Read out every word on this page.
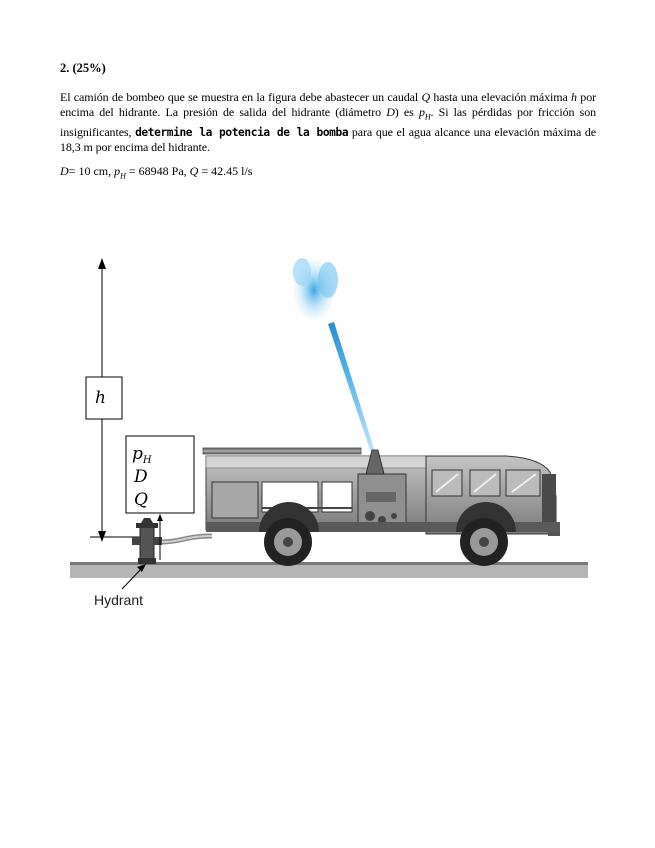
2. (25%)
El camión de bombeo que se muestra en la figura debe abastecer un caudal Q hasta una elevación máxima h por encima del hidrante. La presión de salida del hidrante (diámetro D) es $p_H$. Si las pérdidas por fricción son insignificantes, determine la potencia de la bomba para que el agua alcance una elevación máxima de 18,3 m por encima del hidrante.
D= 10 cm, $p_H = 68948$ Pa, Q = 42.45 l/s
h
$p_H$
D
Q
Hydrant
